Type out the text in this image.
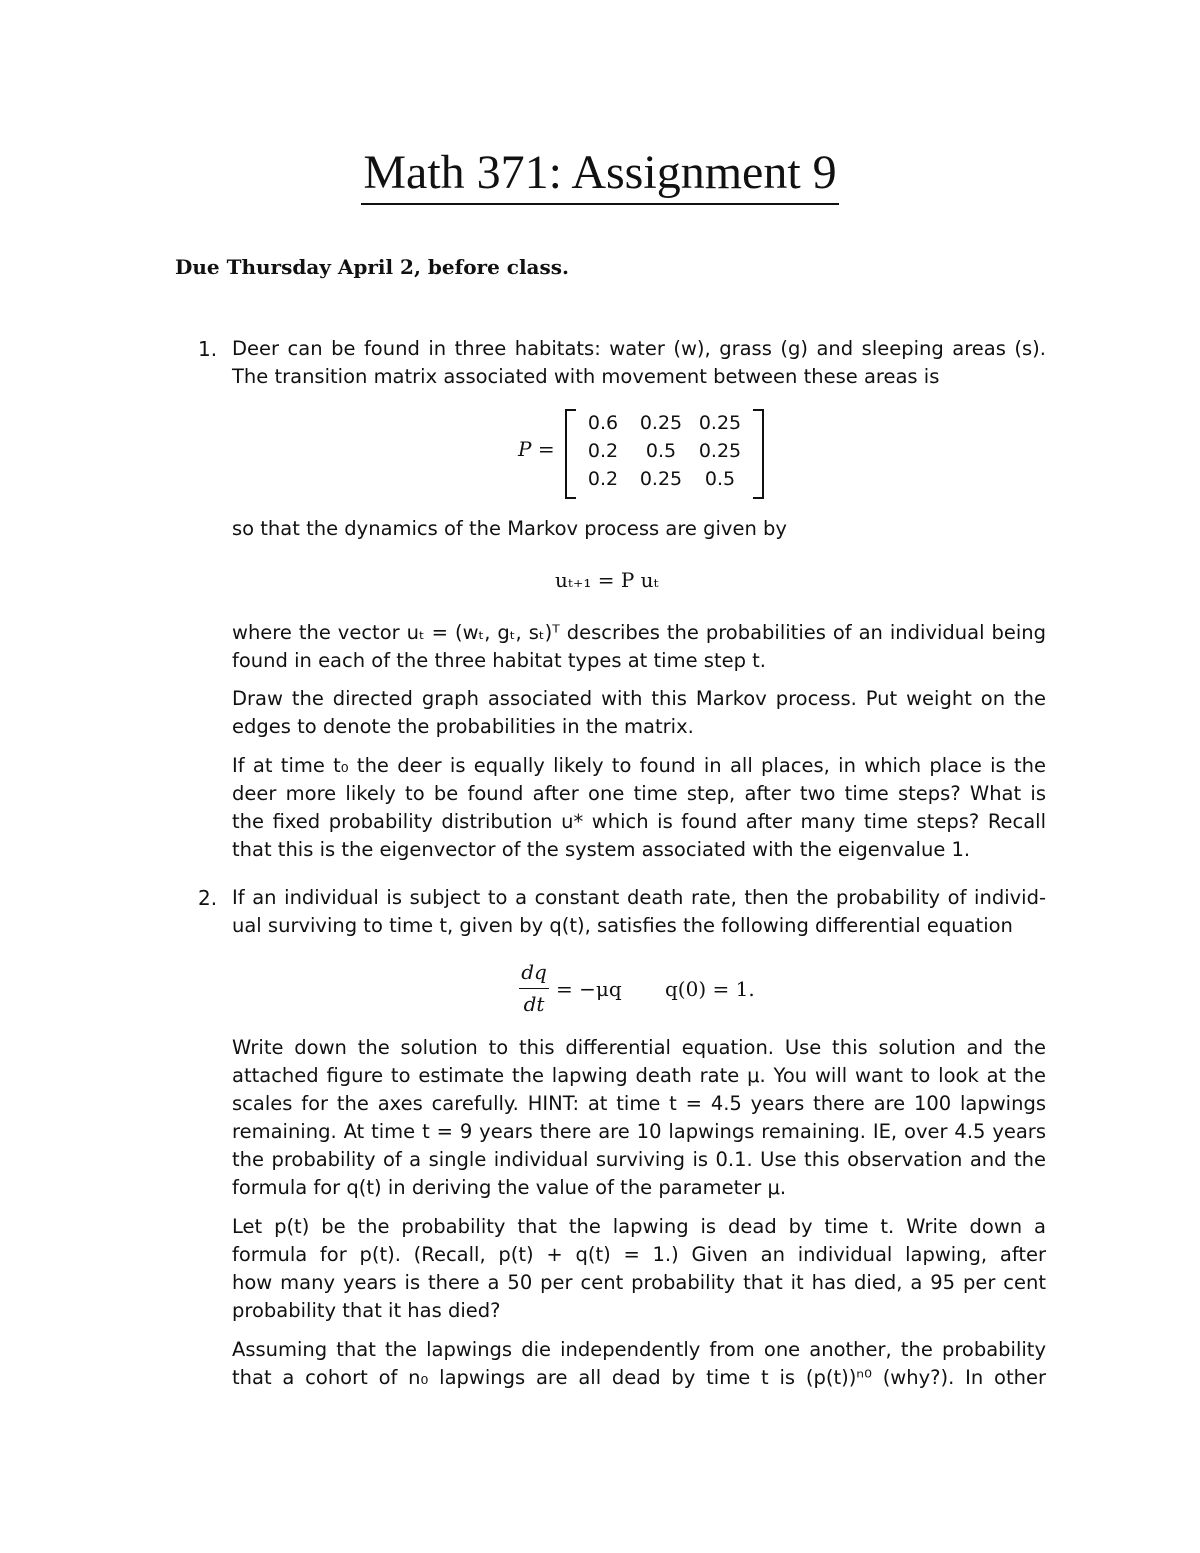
Math 371: Assignment 9
Due Thursday April 2, before class.
1. Deer can be found in three habitats: water (w), grass (g) and sleeping areas (s).
The transition matrix associated with movement between these areas is
P =
0.6	0.25 0.25
0.2	0.5	0.25
0.2	0.25	0.5
so that the dynamics of the Markov process are given by
uₜ₊₁ = P uₜ
where the vector uₜ = (wₜ, gₜ, sₜ)ᵀ describes the probabilities of an individual being
found in each of the three habitat types at time step t.
Draw the directed graph associated with this Markov process. Put weight on the
edges to denote the probabilities in the matrix.
If at time t₀ the deer is equally likely to found in all places, in which place is the
deer more likely to be found after one time step, after two time steps? What is
the fixed probability distribution u* which is found after many time steps? Recall
that this is the eigenvector of the system associated with the eigenvalue 1.
2. If an individual is subject to a constant death rate, then the probability of individ-
ual surviving to time t, given by q(t), satisfies the following differential equation
dq
dt
= −μq q(0) = 1.
Write down the solution to this differential equation. Use this solution and the
attached figure to estimate the lapwing death rate μ. You will want to look at the
scales for the axes carefully. HINT: at time t = 4.5 years there are 100 lapwings
remaining. At time t = 9 years there are 10 lapwings remaining. IE, over 4.5 years
the probability of a single individual surviving is 0.1. Use this observation and the
formula for q(t) in deriving the value of the parameter μ.
Let p(t) be the probability that the lapwing is dead by time t. Write down a
formula for p(t). (Recall, p(t) + q(t) = 1.) Given an individual lapwing, after
how many years is there a 50 per cent probability that it has died, a 95 per cent
probability that it has died?
Assuming that the lapwings die independently from one another, the probability
that a cohort of n₀ lapwings are all dead by time t is (p(t))ⁿ⁰ (why?). In other
